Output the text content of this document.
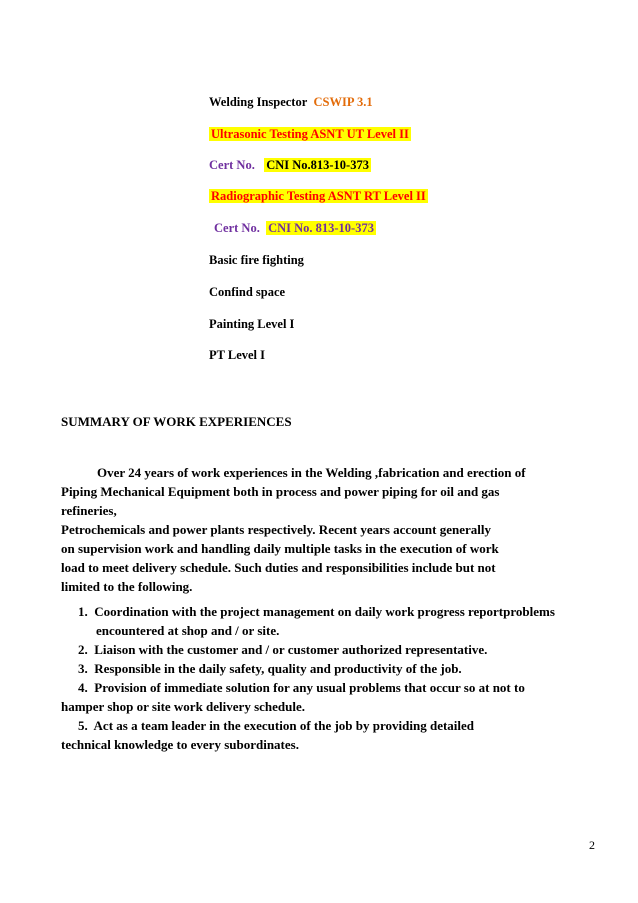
Welding Inspector CSWIP 3.1
Ultrasonic Testing ASNT UT Level II
Cert No. CNI No.813-10-373
Radiographic Testing ASNT RT Level II
Cert No. CNI No. 813-10-373
Basic fire fighting
Confind space
Painting Level I
PT Level I
SUMMARY OF WORK EXPERIENCES
Over 24 years of work experiences in the Welding ,fabrication and erection of
Piping Mechanical Equipment both in process and power piping for oil and gas
refineries,
Petrochemicals and power plants respectively. Recent years account generally
on supervision work and handling daily multiple tasks in the execution of work
load to meet delivery schedule. Such duties and responsibilities include but not
limited to the following.
1. Coordination with the project management on daily work progress reportproblems
encountered at shop and / or site.
2. Liaison with the customer and / or customer authorized representative.
3. Responsible in the daily safety, quality and productivity of the job.
4. Provision of immediate solution for any usual problems that occur so at not to
hamper shop or site work delivery schedule.
5. Act as a team leader in the execution of the job by providing detailed
technical knowledge to every subordinates.
2
